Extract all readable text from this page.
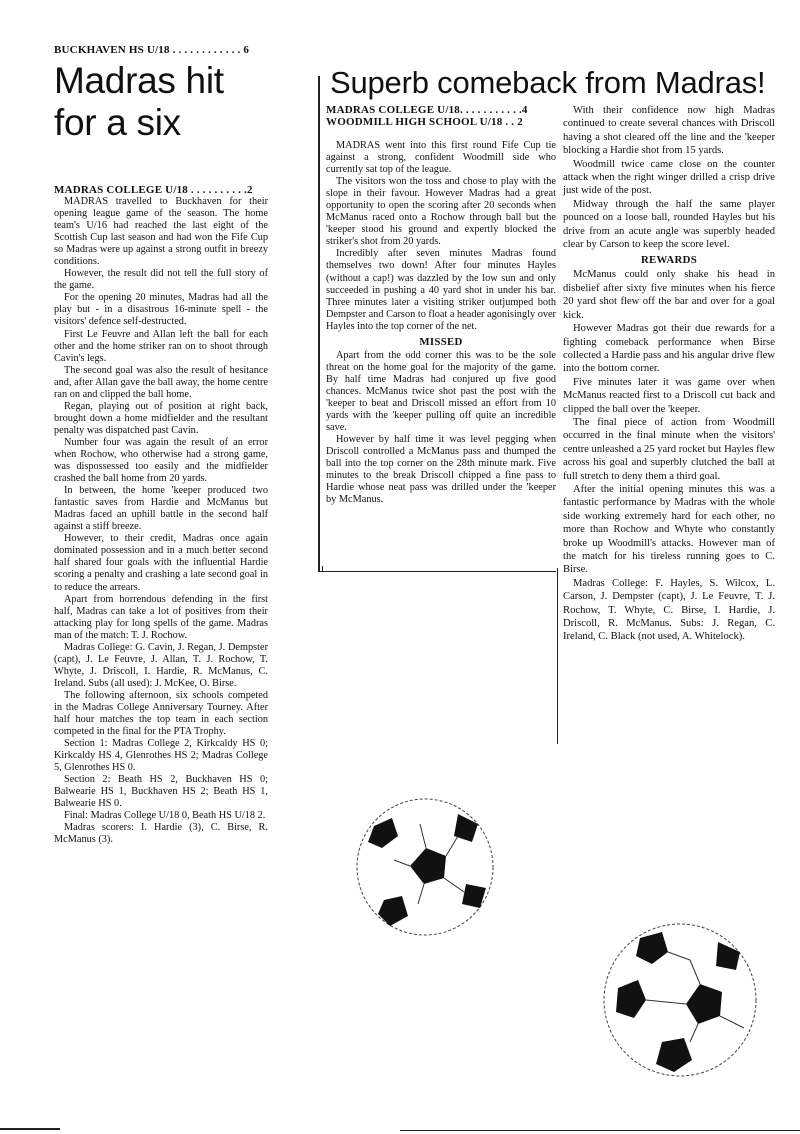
BUCKHAVEN HS U/18 . . . . . . . . . . . . 6
Madras hit
for a six
MADRAS COLLEGE U/18 . . . . . . . . . .2

MADRAS travelled to Buckhaven for their opening league game of the season. The home team's U/16 had reached the last eight of the Scottish Cup last season and had won the Fife Cup so Madras were up against a strong outfit in breezy conditions.

However, the result did not tell the full story of the game.

For the opening 20 minutes, Madras had all the play but - in a disastrous 16-minute spell - the visitors' defence self-destructed.

First Le Feuvre and Allan left the ball for each other and the home striker ran on to shoot through Cavin's legs.

The second goal was also the result of hesitance and, after Allan gave the ball away, the home centre ran on and clipped the ball home.

Regan, playing out of position at right back, brought down a home midfielder and the resultant penalty was dispatched past Cavin.

Number four was again the result of an error when Rochow, who otherwise had a strong game, was dispossessed too easily and the midfielder crashed the ball home from 20 yards.

In between, the home 'keeper produced two fantastic saves from Hardie and McManus but Madras faced an uphill battle in the second half against a stiff breeze.

However, to their credit, Madras once again dominated possession and in a much better second half shared four goals with the influential Hardie scoring a penalty and crashing a late second goal in to reduce the arrears.

Apart from horrendous defending in the first half, Madras can take a lot of positives from their attacking play for long spells of the game. Madras man of the match: T. J. Rochow.

Madras College: G. Cavin, J. Regan, J. Dempster (capt), J. Le Feuvre, J. Allan, T. J. Rochow, T. Whyte, J. Driscoll, I. Hardie, R. McManus, C. Ireland. Subs (all used): J. McKee, O. Birse.

The following afternoon, six schools competed in the Madras College Anniversary Tourney. After half hour matches the top team in each section competed in the final for the PTA Trophy.

Section 1: Madras College 2, Kirkcaldy HS 0; Kirkcaldy HS 4, Glenrothes HS 2; Madras College 5, Glenrothes HS 0.

Section 2: Beath HS 2, Buckhaven HS 0; Balwearie HS 1, Buckhaven HS 2; Beath HS 1, Balwearie HS 0.

Final: Madras College U/18 0, Beath HS U/18 2.

Madras scorers: I. Hardie (3), C. Birse, R. McManus (3).

Superb comeback from Madras!
MADRAS COLLEGE U/18. . . . . . . . . . .4
WOODMILL HIGH SCHOOL U/18 . . 2

MADRAS went into this first round Fife Cup tie against a strong, confident Woodmill side who currently sat top of the league.

The visitors won the toss and chose to play with the slope in their favour. However Madras had a great opportunity to open the scoring after 20 seconds when McManus raced onto a Rochow through ball but the 'keeper stood his ground and expertly blocked the striker's shot from 20 yards.

Incredibly after seven minutes Madras found themselves two down! After four minutes Hayles (without a cap!) was dazzled by the low sun and only succeeded in pushing a 40 yard shot in under his bar. Three minutes later a visiting striker outjumped both Dempster and Carson to float a header agonisingly over Hayles into the top corner of the net.

MISSED

Apart from the odd corner this was to be the sole threat on the home goal for the majority of the game. By half time Madras had conjured up five good chances. McManus twice shot past the post with the 'keeper to beat and Driscoll missed an effort from 10 yards with the 'keeper pulling off quite an incredible save.

However by half time it was level pegging when Driscoll controlled a McManus pass and thumped the ball into the top corner on the 28th minute mark. Five minutes to the break Driscoll chipped a fine pass to Hardie whose neat pass was drilled under the 'keeper by McManus.

With their confidence now high Madras continued to create several chances with Driscoll having a shot cleared off the line and the 'keeper blocking a Hardie shot from 15 yards.

Woodmill twice came close on the counter attack when the right winger drilled a crisp drive just wide of the post.

Midway through the half the same player pounced on a loose ball, rounded Hayles but his drive from an acute angle was superbly headed clear by Carson to keep the score level.

REWARDS

McManus could only shake his head in disbelief after sixty five minutes when his fierce 20 yard shot flew off the bar and over for a goal kick.

However Madras got their due rewards for a fighting comeback performance when Birse collected a Hardie pass and his angular drive flew into the bottom corner.

Five minutes later it was game over when McManus reacted first to a Driscoll cut back and clipped the ball over the 'keeper.

The final piece of action from Woodmill occurred in the final minute when the visitors' centre unleashed a 25 yard rocket but Hayles flew across his goal and superbly clutched the ball at full stretch to deny them a third goal.

After the initial opening minutes this was a fantastic performance by Madras with the whole side working extremely hard for each other, no more than Rochow and Whyte who constantly broke up Woodmill's attacks. However man of the match for his tireless running goes to C. Birse.

Madras College: F. Hayles, S. Wilcox, L. Carson, J. Dempster (capt), J. Le Feuvre, T. J. Rochow, T. Whyte, C. Birse, I. Hardie, J. Driscoll, R. McManus. Subs: J. Regan, C. Ireland, C. Black (not used, A. Whitelock).
